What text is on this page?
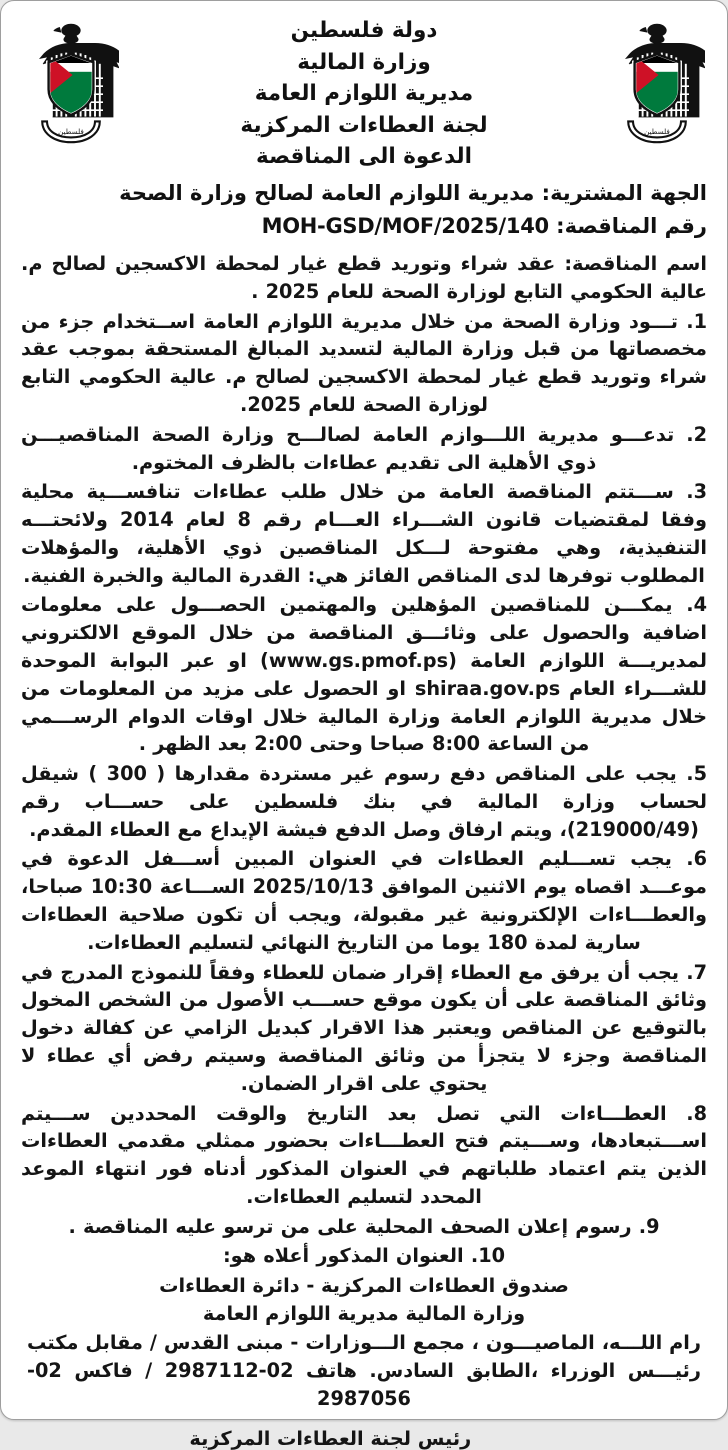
فلسطين
دولة فلسطين
وزارة المالية
مديرية اللوازم العامة
لجنة العطاءات المركزية
الدعوة الى المناقصة
فلسطين
الجهة المشترية: مديرية اللوازم العامة لصالح وزارة الصحة
رقم المناقصة: MOH-GSD/MOF/2025/140

اسم المناقصة: عقد شراء وتوريد قطع غيار لمحطة الاكسجين لصالح م. عالية الحكومي التابع لوزارة الصحة للعام 2025 .

1. تـــود وزارة الصحة من خلال مديرية اللوازم العامة اســتخدام جزء من مخصصاتها من قبل وزارة المالية لتسديد المبالغ المستحقة بموجب عقد شراء وتوريد قطع غيار لمحطة الاكسجين لصالح م. عالية الحكومي التابع لوزارة الصحة للعام 2025.

2. تدعـــو مديرية اللـــوازم العامة لصالـــح وزارة الصحة المناقصيـــن ذوي الأهلية الى تقديم عطاءات بالظرف المختوم.

3. ســـتتم المناقصة العامة من خلال طلب عطاءات تنافســـية محلية وفقا لمقتضيات قانون الشـــراء العـــام رقم 8 لعام 2014 ولائحتـــه التنفيذية، وهي مفتوحة لـــكل المناقصين ذوي الأهلية، والمؤهلات المطلوب توفرها لدى المناقص الفائز هي: القدرة المالية والخبرة الفنية.

4. يمكـــن للمناقصين المؤهلين والمهتمين الحصـــول على معلومات اضافية والحصول على وثائـــق المناقصة من خلال الموقع الالكتروني لمديريـــة اللوازم العامة (www.gs.pmof.ps) او عبر البوابة الموحدة للشـــراء العام shiraa.gov.ps او الحصول على مزيد من المعلومات من خلال مديرية اللوازم العامة وزارة المالية خلال اوقات الدوام الرســـمي من الساعة 8:00 صباحا وحتى 2:00 بعد الظهر .

5. يجب على المناقص دفع رسوم غير مستردة مقدارها ( 300 ) شيقل لحساب وزارة المالية في بنك فلسطين على حســـاب رقم (219000/49)، ويتم ارفاق وصل الدفع فيشة الإيداع مع العطاء المقدم.

6. يجب تســـليم العطاءات في العنوان المبين أســـفل الدعوة في موعـــد اقصاه يوم الاثنين الموافق 2025/10/13 الســـاعة 10:30 صباحا، والعطـــاءات الإلكترونية غير مقبولة، ويجب أن تكون صلاحية العطاءات سارية لمدة 180 يوما من التاريخ النهائي لتسليم العطاءات.

7. يجب أن يرفق مع العطاء إقرار ضمان للعطاء وفقاً للنموذج المدرج في وثائق المناقصة على أن يكون موقع حســـب الأصول من الشخص المخول بالتوقيع عن المناقص ويعتبر هذا الاقرار كبديل الزامي عن كفالة دخول المناقصة وجزء لا يتجزأ من وثائق المناقصة وسيتم رفض أي عطاء لا يحتوي على اقرار الضمان.

8. العطـــاءات التي تصل بعد التاريخ والوقت المحددين ســـيتم اســـتبعادها، وســـيتم فتح العطـــاءات بحضور ممثلي مقدمي العطاءات الذين يتم اعتماد طلباتهم في العنوان المذكور أدناه فور انتهاء الموعد المحدد لتسليم العطاءات.

9. رسوم إعلان الصحف المحلية على من ترسو عليه المناقصة .

10. العنوان المذكور أعلاه هو:

صندوق العطاءات المركزية - دائرة العطاءات

وزارة المالية مديرية اللوازم العامة

رام اللـــه، الماصيـــون ، مجمع الـــوزارات - مبنى القدس / مقابل مكتب رئيـــس الوزراء ،الطابق السادس. هاتف 02-2987112 / فاكس 02-2987056

رئيس لجنة العطاءات المركزية
